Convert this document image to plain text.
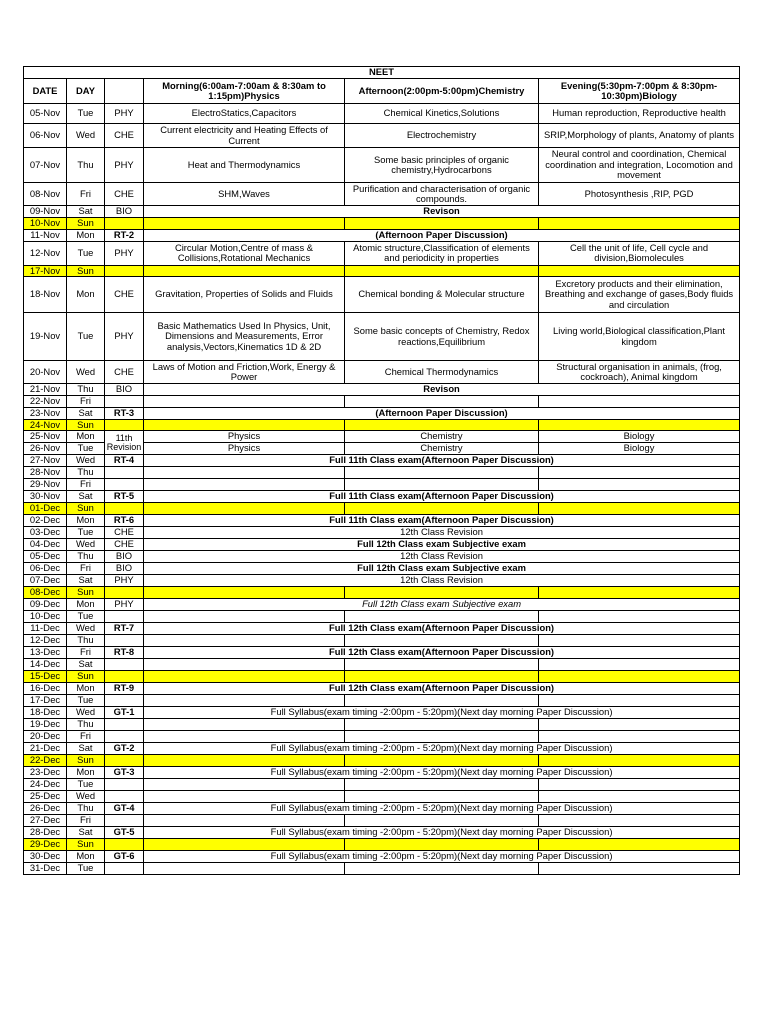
NEET					
DATE	DAY		Morning(6:00am-7:00am & 8:30am to 1:15pm)Physics	Afternoon(2:00pm-5:00pm)Chemistry	Evening(5:30pm-7:00pm & 8:30pm-10:30pm)Biology
05-Nov	Tue	PHY	ElectroStatics,Capacitors	Chemical Kinetics,Solutions	Human reproduction, Reproductive health
06-Nov	Wed	CHE	Current electricity and Heating Effects of Current	Electrochemistry	SRIP,Morphology of plants, Anatomy of plants
07-Nov	Thu	PHY	Heat and Thermodynamics	Some basic principles of organic chemistry,Hydrocarbons	Neural control and coordination, Chemical coordination and integration, Locomotion and movement
08-Nov	Fri	CHE	SHM,Waves	Purification and characterisation of organic compounds.	Photosynthesis ,RIP, PGD
09-Nov	Sat	BIO	Revison		
10-Nov	Sun				
11-Nov	Mon	RT-2	(Afternoon Paper Discussion)		
12-Nov	Tue	PHY	Circular Motion,Centre of mass & Collisions,Rotational Mechanics	Atomic structure,Classification of elements and periodicity in properties	Cell the unit of life, Cell cycle and division,Biomolecules
17-Nov	Sun				
18-Nov	Mon	CHE	Gravitation, Properties of Solids and Fluids	Chemical bonding & Molecular structure	Excretory products and their elimination, Breathing and exchange of gases,Body fluids and circulation
19-Nov	Tue	PHY	Basic Mathematics Used In Physics, Unit, Dimensions and Measurements, Error analysis,Vectors,Kinematics 1D & 2D	Some basic concepts of Chemistry, Redox reactions,Equilibrium	Living world,Biological classification,Plant kingdom
20-Nov	Wed	CHE	Laws of Motion and Friction,Work, Energy & Power	Chemical Thermodynamics	Structural organisation in animals, (frog, cockroach), Animal kingdom
21-Nov	Thu	BIO	Revison		
22-Nov	Fri				
23-Nov	Sat	RT-3	(Afternoon Paper Discussion)		
24-Nov	Sun				
25-Nov	Mon	11th Revision	Physics	Chemistry	Biology
26-Nov	Tue		Physics	Chemistry	Biology
27-Nov	Wed	RT-4	Full 11th Class exam(Afternoon Paper Discussion)		
28-Nov	Thu				
29-Nov	Fri				
30-Nov	Sat	RT-5	Full 11th Class exam(Afternoon Paper Discussion)		
01-Dec	Sun				
02-Dec	Mon	RT-6	Full 11th Class exam(Afternoon Paper Discussion)		
03-Dec	Tue	CHE	12th Class Revision		
04-Dec	Wed	CHE	Full 12th Class exam Subjective exam		
05-Dec	Thu	BIO	12th Class Revision		
06-Dec	Fri	BIO	Full 12th Class exam Subjective exam		
07-Dec	Sat	PHY	12th Class Revision		
08-Dec	Sun				
09-Dec	Mon	PHY	Full 12th Class exam Subjective exam		
10-Dec	Tue				
11-Dec	Wed	RT-7	Full 12th Class exam(Afternoon Paper Discussion)		
12-Dec	Thu				
13-Dec	Fri	RT-8	Full 12th Class exam(Afternoon Paper Discussion)		
14-Dec	Sat				
15-Dec	Sun				
16-Dec	Mon	RT-9	Full 12th Class exam(Afternoon Paper Discussion)		
17-Dec	Tue				
18-Dec	Wed	GT-1	Full Syllabus(exam timing -2:00pm - 5:20pm)(Next day morning Paper Discussion)		
19-Dec	Thu				
20-Dec	Fri				
21-Dec	Sat	GT-2	Full Syllabus(exam timing -2:00pm - 5:20pm)(Next day morning Paper Discussion)		
22-Dec	Sun				
23-Dec	Mon	GT-3	Full Syllabus(exam timing -2:00pm - 5:20pm)(Next day morning Paper Discussion)		
24-Dec	Tue				
25-Dec	Wed				
26-Dec	Thu	GT-4	Full Syllabus(exam timing -2:00pm - 5:20pm)(Next day morning Paper Discussion)		
27-Dec	Fri				
28-Dec	Sat	GT-5	Full Syllabus(exam timing -2:00pm - 5:20pm)(Next day morning Paper Discussion)		
29-Dec	Sun				
30-Dec	Mon	GT-6	Full Syllabus(exam timing -2:00pm - 5:20pm)(Next day morning Paper Discussion)		
31-Dec	Tue				
